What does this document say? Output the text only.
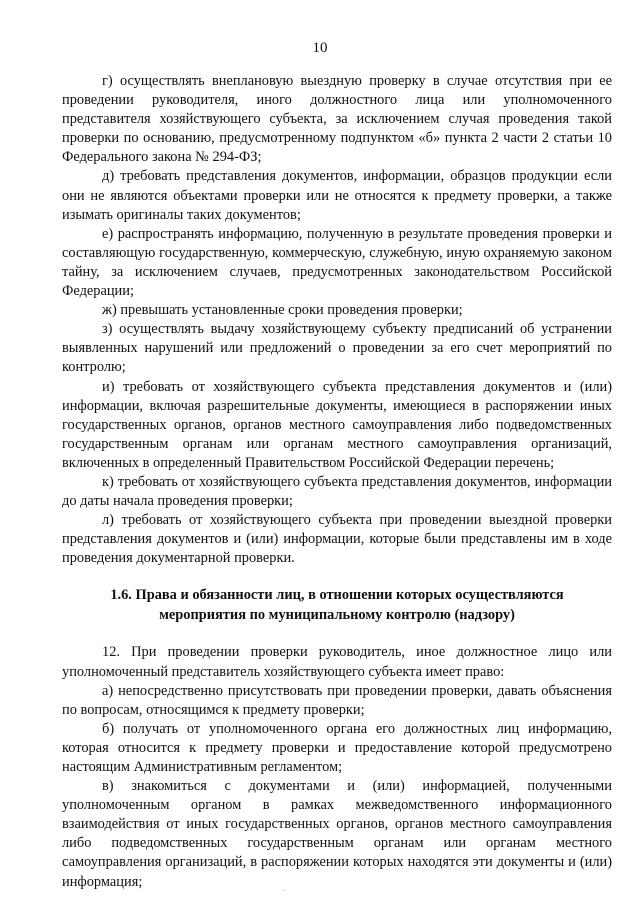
10

г) осуществлять внеплановую выездную проверку в случае отсутствия при ее проведении руководителя, иного должностного лица или уполномоченного представителя хозяйствующего субъекта, за исключением случая проведения такой проверки по основанию, предусмотренному подпунктом «б» пункта 2 части 2 статьи 10 Федерального закона № 294-ФЗ;

д) требовать представления документов, информации, образцов продукции если они не являются объектами проверки или не относятся к предмету проверки, а также изымать оригиналы таких документов;

е) распространять информацию, полученную в результате проведения проверки и составляющую государственную, коммерческую, служебную, иную охраняемую законом тайну, за исключением случаев, предусмотренных законодательством Российской Федерации;

ж) превышать установленные сроки проведения проверки;

з) осуществлять выдачу хозяйствующему субъекту предписаний об устранении выявленных нарушений или предложений о проведении за его счет мероприятий по контролю;

и) требовать от хозяйствующего субъекта представления документов и (или) информации, включая разрешительные документы, имеющиеся в распоряжении иных государственных органов, органов местного самоуправления либо подведомственных государственным органам или органам местного самоуправления организаций, включенных в определенный Правительством Российской Федерации перечень;

к) требовать от хозяйствующего субъекта представления документов, информации до даты начала проведения проверки;

л) требовать от хозяйствующего субъекта при проведении выездной проверки представления документов и (или) информации, которые были представлены им в ходе проведения документарной проверки.

1.6. Права и обязанности лиц, в отношении которых осуществляются
мероприятия по муниципальному контролю (надзору)

12. При проведении проверки руководитель, иное должностное лицо или уполномоченный представитель хозяйствующего субъекта имеет право:

а) непосредственно присутствовать при проведении проверки, давать объяснения по вопросам, относящимся к предмету проверки;

б) получать от уполномоченного органа его должностных лиц информацию, которая относится к предмету проверки и предоставление которой предусмотрено настоящим Административным регламентом;

в) знакомиться с документами и (или) информацией, полученными уполномоченным органом в рамках межведомственного информационного взаимодействия от иных государственных органов, органов местного самоуправления либо подведомственных государственным органам или органам местного самоуправления организаций, в распоряжении которых находятся эти документы и (или) информация;	.
